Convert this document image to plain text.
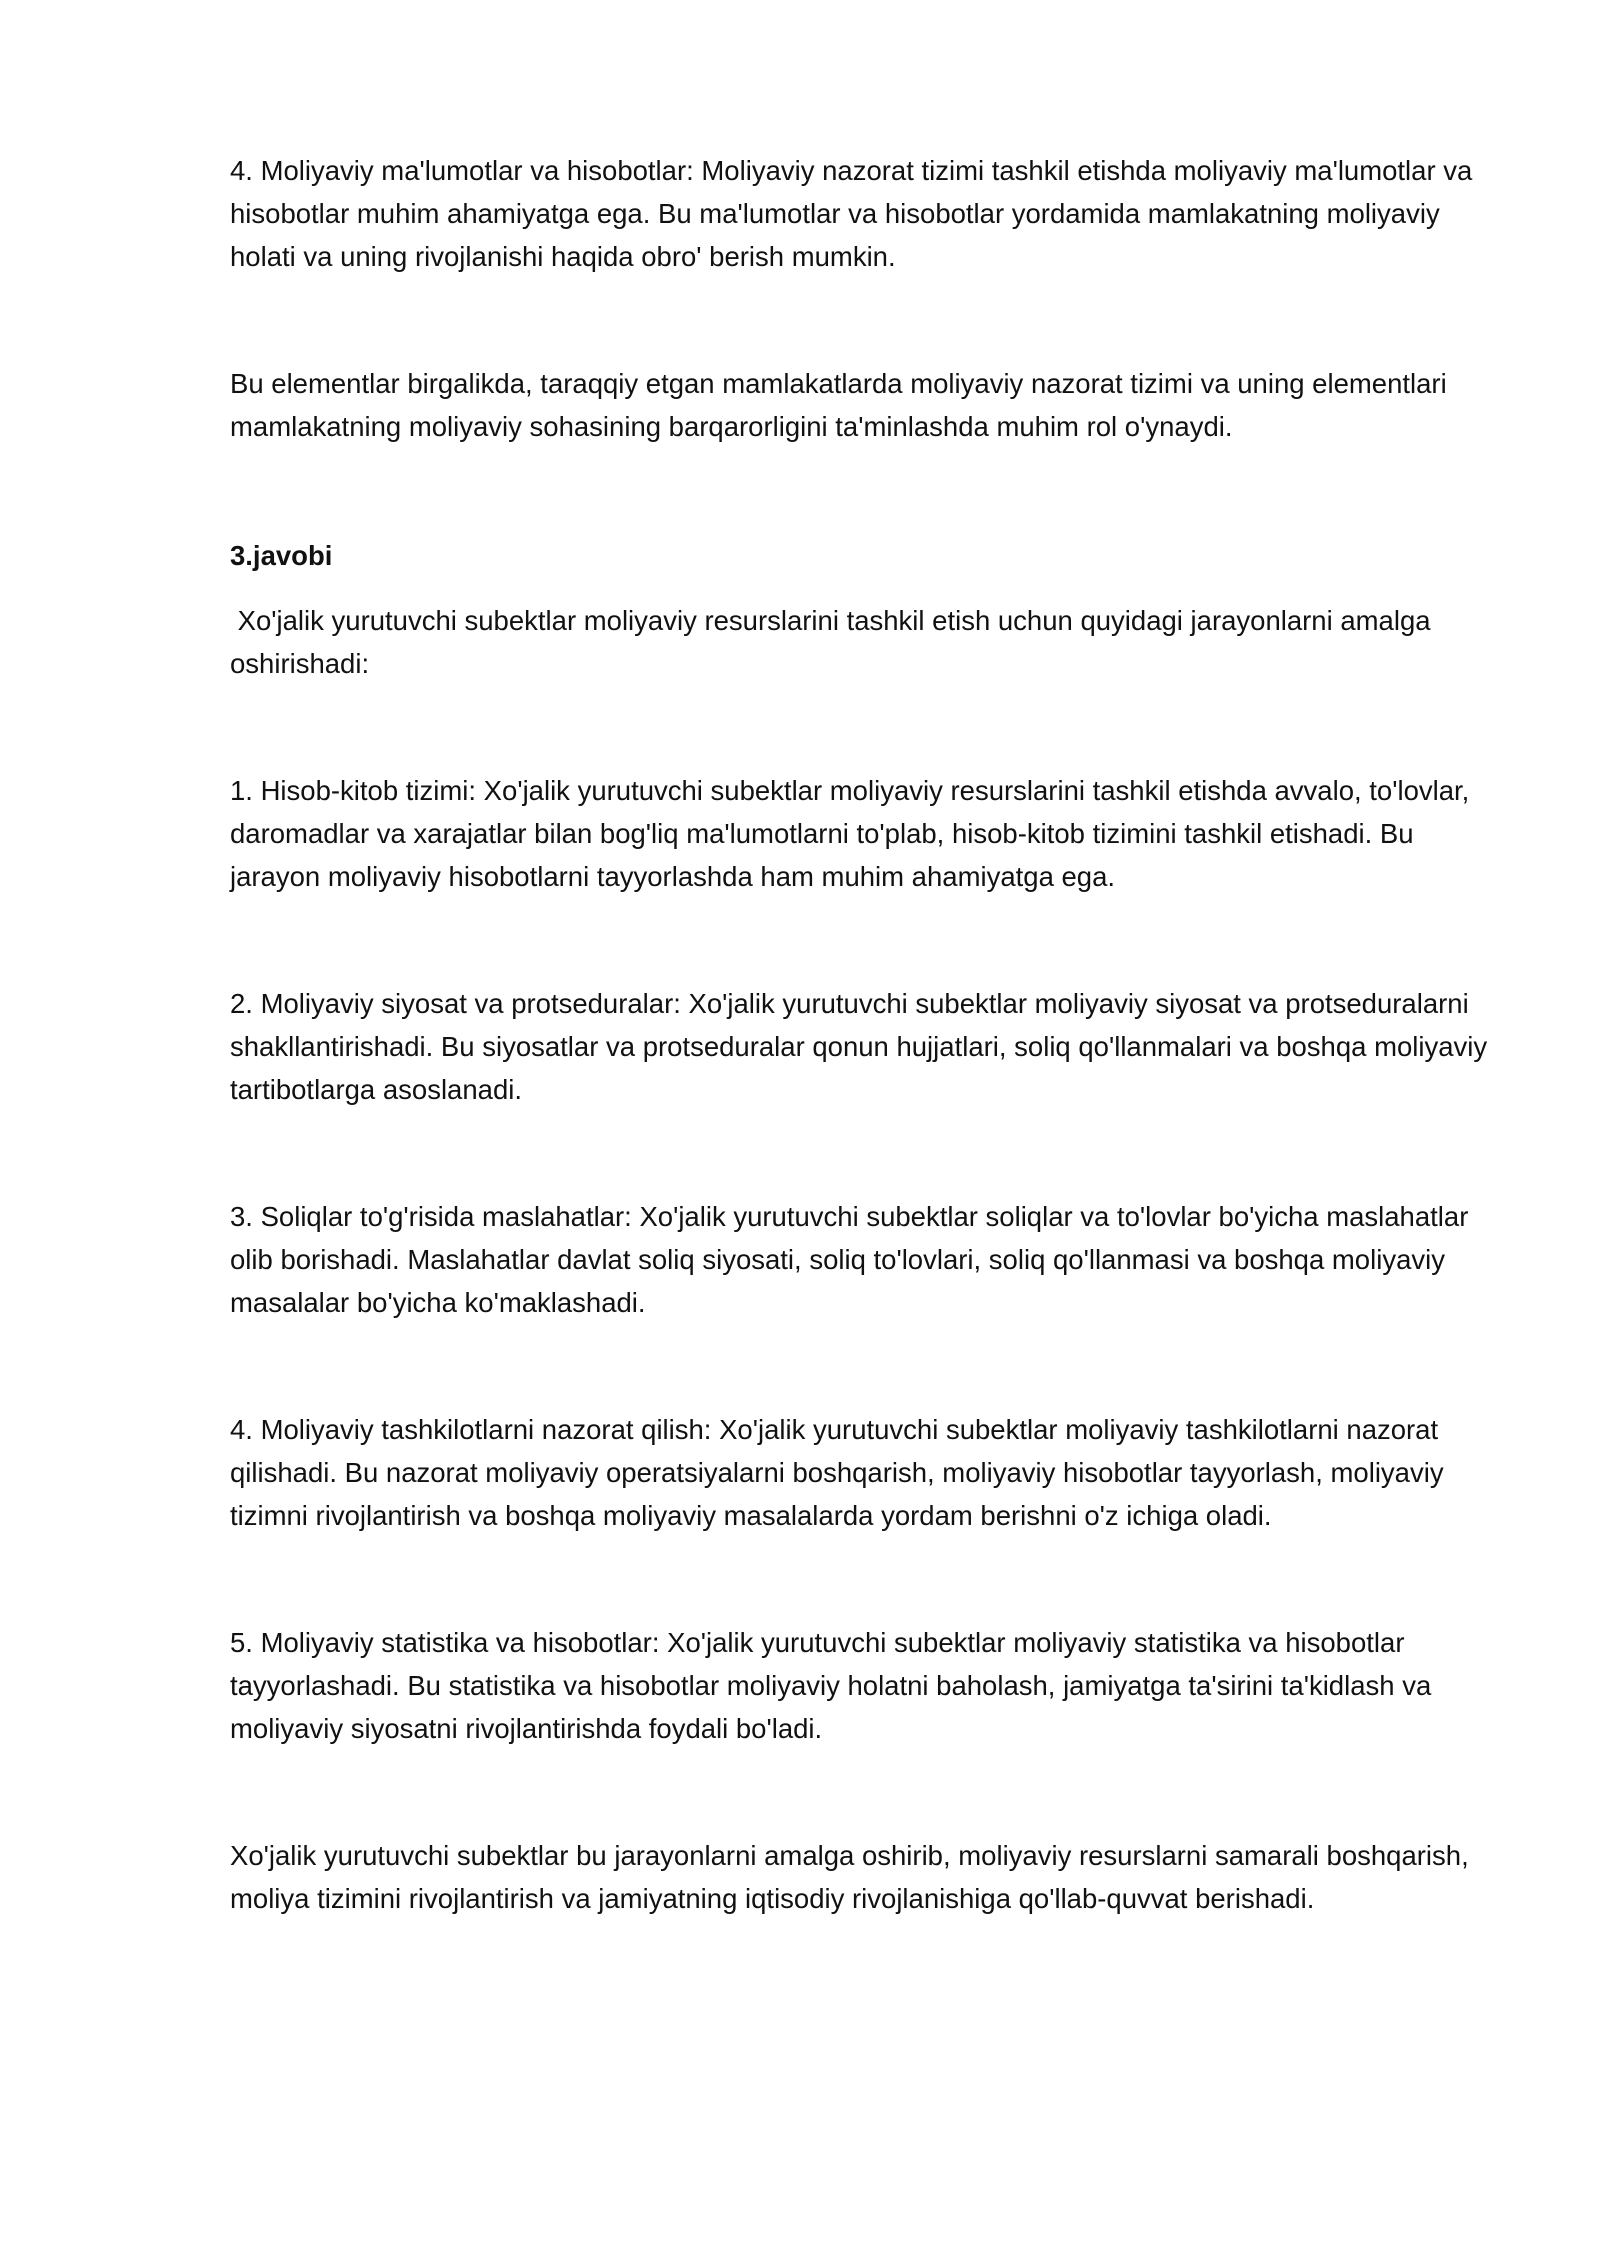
4. Moliyaviy ma'lumotlar va hisobotlar: Moliyaviy nazorat tizimi tashkil etishda moliyaviy ma'lumotlar va hisobotlar muhim ahamiyatga ega. Bu ma'lumotlar va hisobotlar yordamida mamlakatning moliyaviy holati va uning rivojlanishi haqida obro' berish mumkin.

Bu elementlar birgalikda, taraqqiy etgan mamlakatlarda moliyaviy nazorat tizimi va uning elementlari mamlakatning moliyaviy sohasining barqarorligini ta'minlashda muhim rol o'ynaydi.

3.javobi

Xo'jalik yurutuvchi subektlar moliyaviy resurslarini tashkil etish uchun quyidagi jarayonlarni amalga oshirishadi:

1. Hisob-kitob tizimi: Xo'jalik yurutuvchi subektlar moliyaviy resurslarini tashkil etishda avvalo, to'lovlar, daromadlar va xarajatlar bilan bog'liq ma'lumotlarni to'plab, hisob-kitob tizimini tashkil etishadi. Bu jarayon moliyaviy hisobotlarni tayyorlashda ham muhim ahamiyatga ega.

2. Moliyaviy siyosat va protseduralar: Xo'jalik yurutuvchi subektlar moliyaviy siyosat va protseduralarni shakllantirishadi. Bu siyosatlar va protseduralar qonun hujjatlari, soliq qo'llanmalari va boshqa moliyaviy tartibotlarga asoslanadi.

3. Soliqlar to'g'risida maslahatlar: Xo'jalik yurutuvchi subektlar soliqlar va to'lovlar bo'yicha maslahatlar olib borishadi. Maslahatlar davlat soliq siyosati, soliq to'lovlari, soliq qo'llanmasi va boshqa moliyaviy masalalar bo'yicha ko'maklashadi.

4. Moliyaviy tashkilotlarni nazorat qilish: Xo'jalik yurutuvchi subektlar moliyaviy tashkilotlarni nazorat qilishadi. Bu nazorat moliyaviy operatsiyalarni boshqarish, moliyaviy hisobotlar tayyorlash, moliyaviy tizimni rivojlantirish va boshqa moliyaviy masalalarda yordam berishni o'z ichiga oladi.

5. Moliyaviy statistika va hisobotlar: Xo'jalik yurutuvchi subektlar moliyaviy statistika va hisobotlar tayyorlashadi. Bu statistika va hisobotlar moliyaviy holatni baholash, jamiyatga ta'sirini ta'kidlash va moliyaviy siyosatni rivojlantirishda foydali bo'ladi.

Xo'jalik yurutuvchi subektlar bu jarayonlarni amalga oshirib, moliyaviy resurslarni samarali boshqarish, moliya tizimini rivojlantirish va jamiyatning iqtisodiy rivojlanishiga qo'llab-quvvat berishadi.
